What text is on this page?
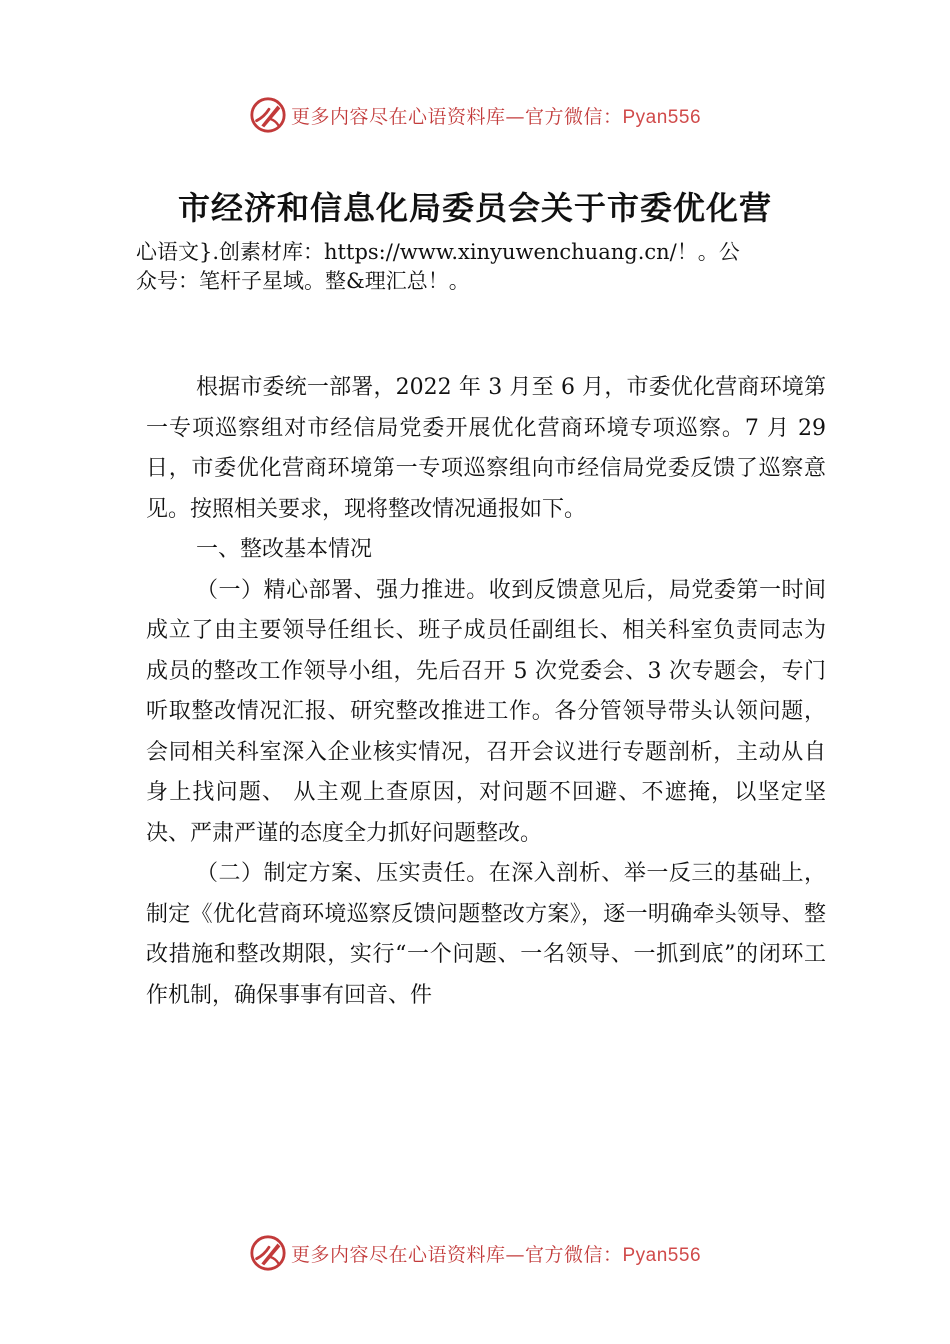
更多内容尽在心语资料库—官方微信：Pyan556
市经济和信息化局委员会关于市委优化营
心语文}.创素材库：https://www.xinyuwenchuang.cn/！。公
众号：笔杆子星域。整&理汇总！。

根据市委统一部署，2022 年 3 月至 6 月，市委优化营商环境第一专项巡察组对市经信局党委开展优化营商环境专项巡察。7 月 29 日，市委优化营商环境第一专项巡察组向市经信局党委反馈了巡察意见。按照相关要求，现将整改情况通报如下。

一、整改基本情况

（一）精心部署、强力推进。收到反馈意见后，局党委第一时间成立了由主要领导任组长、班子成员任副组长、相关科室负责同志为成员的整改工作领导小组，先后召开 5 次党委会、3 次专题会，专门听取整改情况汇报、研究整改推进工作。各分管领导带头认领问题，会同相关科室深入企业核实情况，召开会议进行专题剖析，主动从自身上找问题、 从主观上查原因，对问题不回避、不遮掩，以坚定坚决、严肃严谨的态度全力抓好问题整改。

（二）制定方案、压实责任。在深入剖析、举一反三的基础上，制定《优化营商环境巡察反馈问题整改方案》，逐一明确牵头领导、整改措施和整改期限，实行“一个问题、一名领导、一抓到底”的闭环工作机制，确保事事有回音、件

更多内容尽在心语资料库—官方微信：Pyan556
